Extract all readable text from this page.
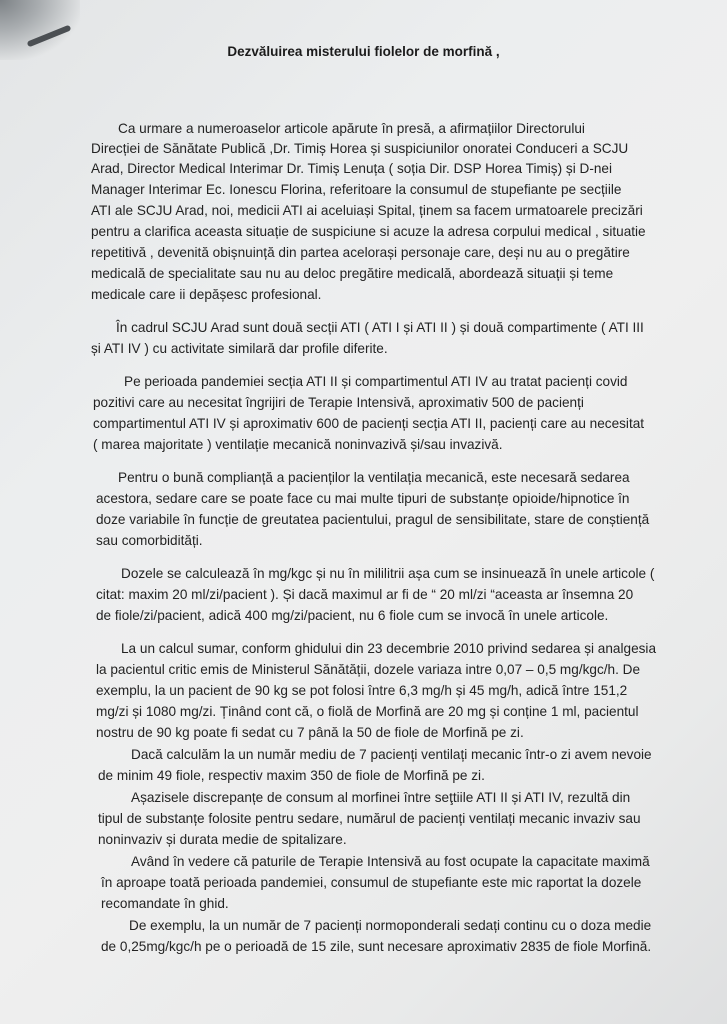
Dezvăluirea misterului fiolelor de morfină ,
Ca urmare a numeroaselor articole apărute în presă, a afirmațiilor Directorului
Direcției de Sănătate Publică ,Dr. Timiș Horea și suspiciunilor onoratei Conduceri a SCJU
Arad, Director Medical Interimar Dr. Timiș Lenuța ( soția Dir. DSP Horea Timiș) și D-nei
Manager Interimar Ec. Ionescu Florina, referitoare la consumul de stupefiante pe secțiile
ATI ale SCJU Arad, noi, medicii ATI ai aceluiași Spital, ținem sa facem urmatoarele precizări
pentru a clarifica aceasta situație de suspiciune si acuze la adresa corpului medical , situatie
repetitivă , devenită obișnuință din partea acelorași personaje care, deși nu au o pregătire
medicală de specialitate sau nu au deloc pregătire medicală, abordează situații și teme
medicale care ii depășesc profesional.
În cadrul SCJU Arad sunt două secții ATI ( ATI I și ATI II ) și două compartimente ( ATI III
și ATI IV ) cu activitate similară dar profile diferite.
Pe perioada pandemiei secția ATI II și compartimentul ATI IV au tratat pacienți covid
pozitivi care au necesitat îngrijiri de Terapie Intensivă, aproximativ 500 de pacienți
compartimentul ATI IV și aproximativ 600 de pacienți secția ATI II, pacienți care au necesitat
( marea majoritate ) ventilație mecanică noninvazivă și/sau invazivă.
Pentru o bună complianță a pacienților la ventilația mecanică, este necesară sedarea
acestora, sedare care se poate face cu mai multe tipuri de substanțe opioide/hipnotice în
doze variabile în funcție de greutatea pacientului, pragul de sensibilitate, stare de conștiență
sau comorbidități.
Dozele se calculează în mg/kgc și nu în mililitrii așa cum se insinuează în unele articole (
citat: maxim 20 ml/zi/pacient ). Și dacă maximul ar fi de “ 20 ml/zi “aceasta ar însemna 20
de fiole/zi/pacient, adică 400 mg/zi/pacient, nu 6 fiole cum se invocă în unele articole.
La un calcul sumar, conform ghidului din 23 decembrie 2010 privind sedarea și analgesia
la pacientul critic emis de Ministerul Sănătății, dozele variaza intre 0,07 – 0,5 mg/kgc/h. De
exemplu, la un pacient de 90 kg se pot folosi între 6,3 mg/h și 45 mg/h, adică între 151,2
mg/zi și 1080 mg/zi. Ținând cont că, o fiolă de Morfină are 20 mg și conține 1 ml, pacientul
nostru de 90 kg poate fi sedat cu 7 până la 50 de fiole de Morfină pe zi.
Dacă calculăm la un număr mediu de 7 pacienți ventilați mecanic într-o zi avem nevoie
de minim 49 fiole, respectiv maxim 350 de fiole de Morfină pe zi.
Așazisele discrepanțe de consum al morfinei între seţtiile ATI II și ATI IV, rezultă din
tipul de substanțe folosite pentru sedare, numărul de pacienți ventilați mecanic invaziv sau
noninvaziv și durata medie de spitalizare.
Având în vedere că paturile de Terapie Intensivă au fost ocupate la capacitate maximă
în aproape toată perioada pandemiei, consumul de stupefiante este mic raportat la dozele
recomandate în ghid.
De exemplu, la un număr de 7 pacienți normoponderali sedați continu cu o doza medie
de 0,25mg/kgc/h pe o perioadă de 15 zile, sunt necesare aproximativ 2835 de fiole Morfină.
